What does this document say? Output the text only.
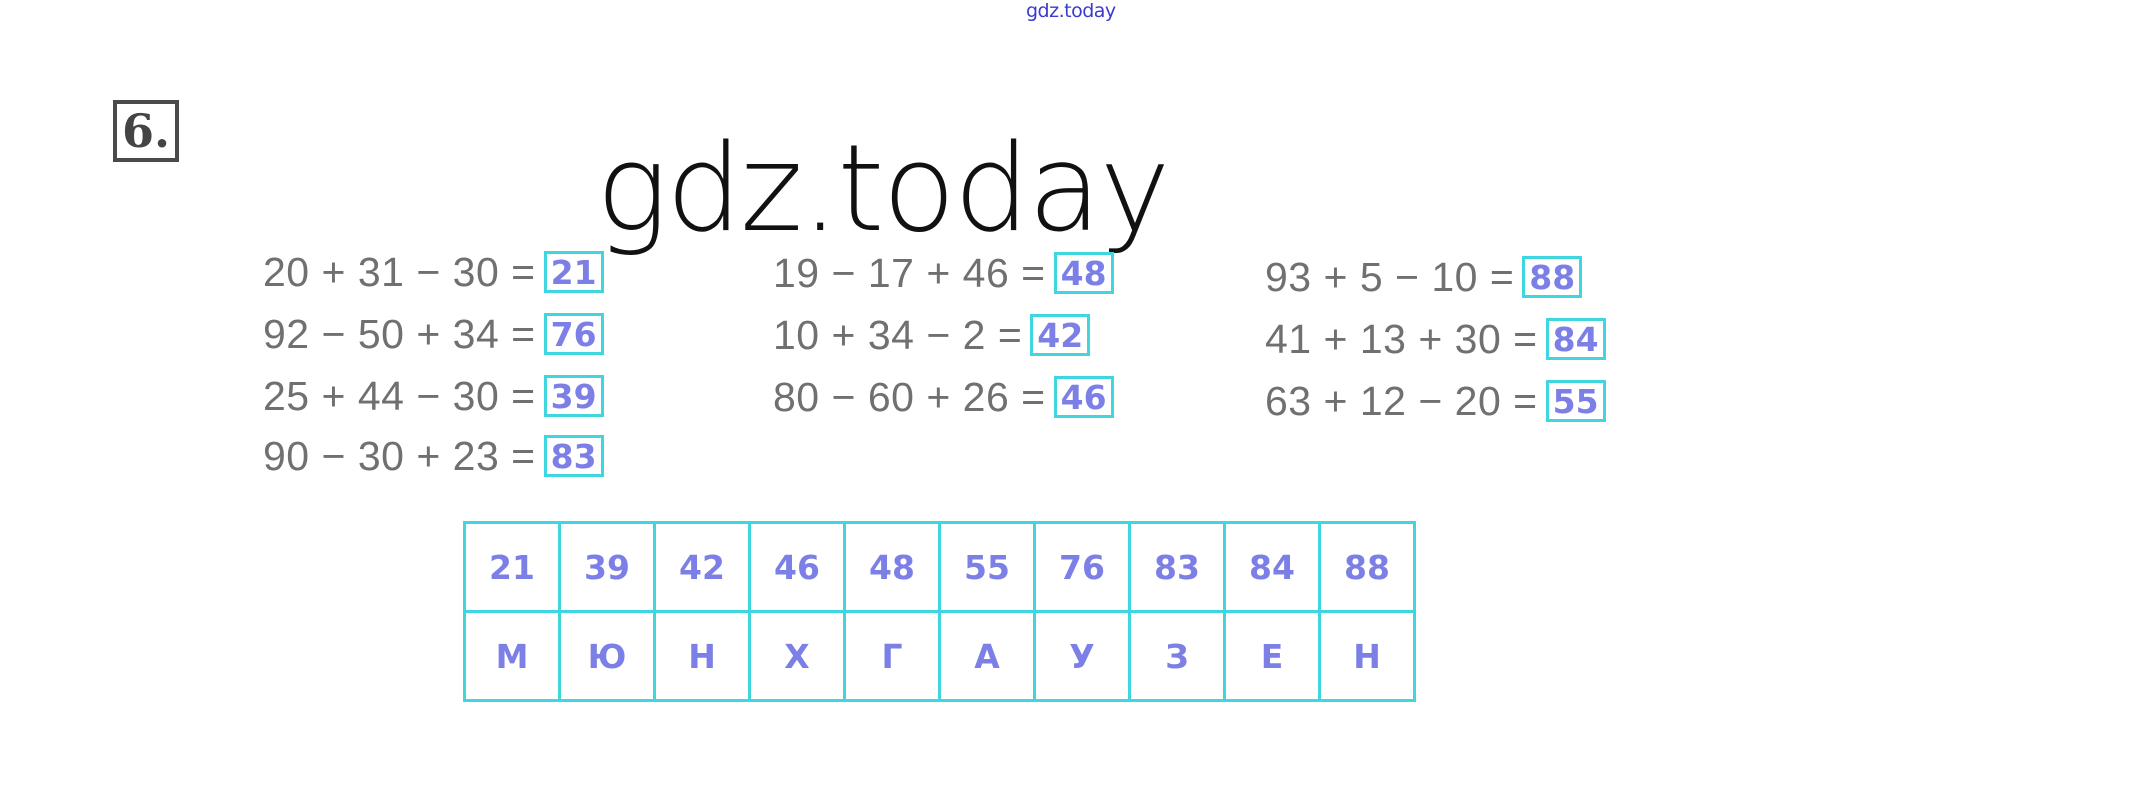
gdz.today
6.	gdz.today
20 + 31 − 30 = 21
92 − 50 + 34 = 76
25 + 44 − 30 = 39
90 − 30 + 23 = 83
19 − 17 + 46 = 48
10 + 34 − 2 = 42
80 − 60 + 26 = 46
93 + 5 − 10 = 88
41 + 13 + 30 = 84
63 + 12 − 20 = 55
21	39	42	46	48	55	76	83	84	88
М	Ю	Н	Х	Г	А	У	З	Е	Н
